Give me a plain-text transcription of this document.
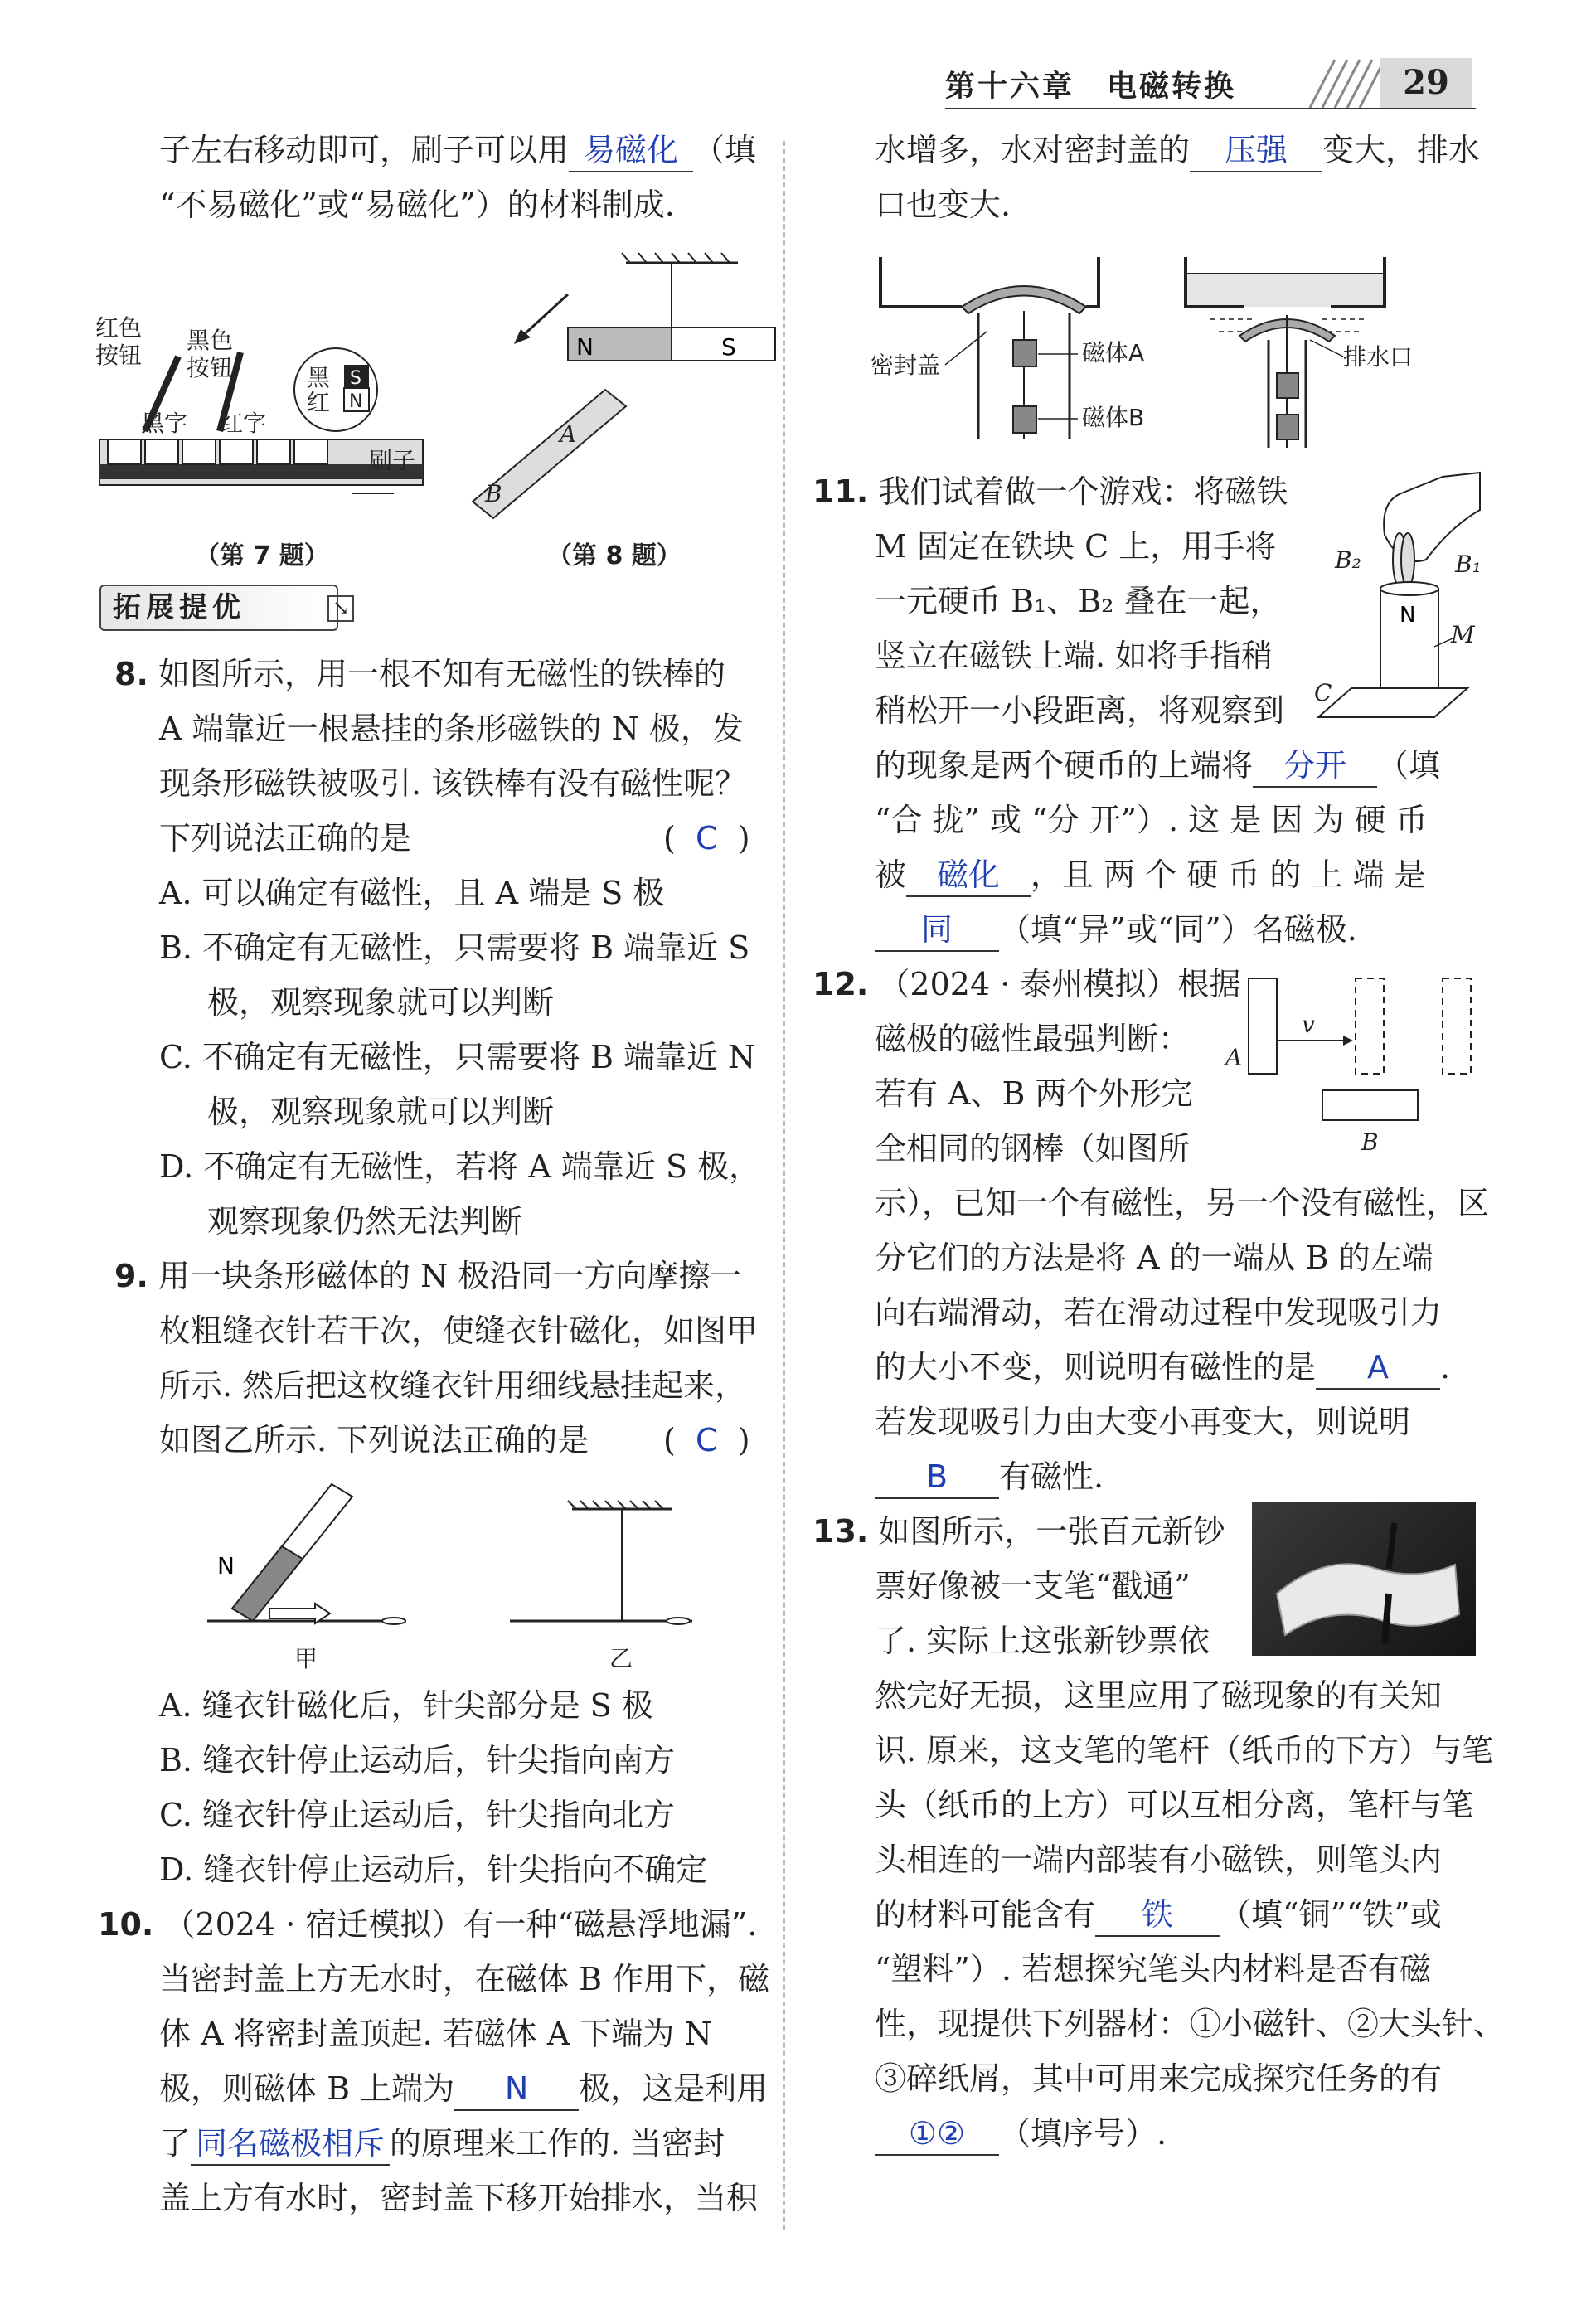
第十六章　电磁转换	29
子左右移动即可，刷子可以用 易磁化 （填
“不易磁化”或“易磁化”）的材料制成.
红色
按钮
黑色
按钮
黑字 红字
S
N
黑
红
刷子
（第 7 题）
N	S
A
B
（第 8 题）
拓展提优	↘
8. 如图所示，用一根不知有无磁性的铁棒的
A 端靠近一根悬挂的条形磁铁的 N 极，发
现条形磁铁被吸引. 该铁棒有没有磁性呢？
下列说法正确的是	(  C  )
A. 可以确定有磁性，且 A 端是 S 极
B. 不确定有无磁性，只需要将 B 端靠近 S
极，观察现象就可以判断
C. 不确定有无磁性，只需要将 B 端靠近 N
极，观察现象就可以判断
D. 不确定有无磁性，若将 A 端靠近 S 极，
观察现象仍然无法判断
9. 用一块条形磁体的 N 极沿同一方向摩擦一
枚粗缝衣针若干次，使缝衣针磁化，如图甲
所示. 然后把这枚缝衣针用细线悬挂起来，
如图乙所示. 下列说法正确的是 (  C  )
N
甲	乙
A. 缝衣针磁化后，针尖部分是 S 极
B. 缝衣针停止运动后，针尖指向南方
C. 缝衣针停止运动后，针尖指向北方
D. 缝衣针停止运动后，针尖指向不确定
10. （2024 · 宿迁模拟）有一种“磁悬浮地漏”.
当密封盖上方无水时，在磁体 B 作用下，磁
体 A 将密封盖顶起. 若磁体 A 下端为 N
极，则磁体 B 上端为 N 极，这是利用
了 同名磁极相斥 的原理来工作的. 当密封
盖上方有水时，密封盖下移开始排水，当积
水增多，水对密封盖的 压强 变大，排水
口也变大.
密封盖	磁体A
磁体B
排水口
11. 我们试着做一个游戏：将磁铁
M 固定在铁块 C 上，用手将
一元硬币 B₁、B₂ 叠在一起，
竖立在磁铁上端. 如将手指稍
稍松开一小段距离，将观察到
的现象是两个硬币的上端将 分开 （填
“合 拢” 或 “分 开”）. 这 是 因 为 硬 币
被 磁化 ，且 两 个 硬 币 的 上 端 是
同 （填“异”或“同”）名磁极.
B₂	B₁
N
M
C
12. （2024 · 泰州模拟）根据
磁极的磁性最强判断：
若有 A、B 两个外形完
全相同的钢棒（如图所
示），已知一个有磁性，另一个没有磁性，区
分它们的方法是将 A 的一端从 B 的左端
向右端滑动，若在滑动过程中发现吸引力
的大小不变，则说明有磁性的是 A .
若发现吸引力由大变小再变大，则说明
B 有磁性.
A
v
B
13. 如图所示，一张百元新钞
票好像被一支笔“戳通”
了. 实际上这张新钞票依
然完好无损，这里应用了磁现象的有关知
识. 原来，这支笔的笔杆（纸币的下方）与笔
头（纸币的上方）可以互相分离，笔杆与笔
头相连的一端内部装有小磁铁，则笔头内
的材料可能含有 铁 （填“铜”“铁”或
“塑料”）. 若想探究笔头内材料是否有磁
性，现提供下列器材：①小磁针、②大头针、
③碎纸屑，其中可用来完成探究任务的有
①② （填序号）.
